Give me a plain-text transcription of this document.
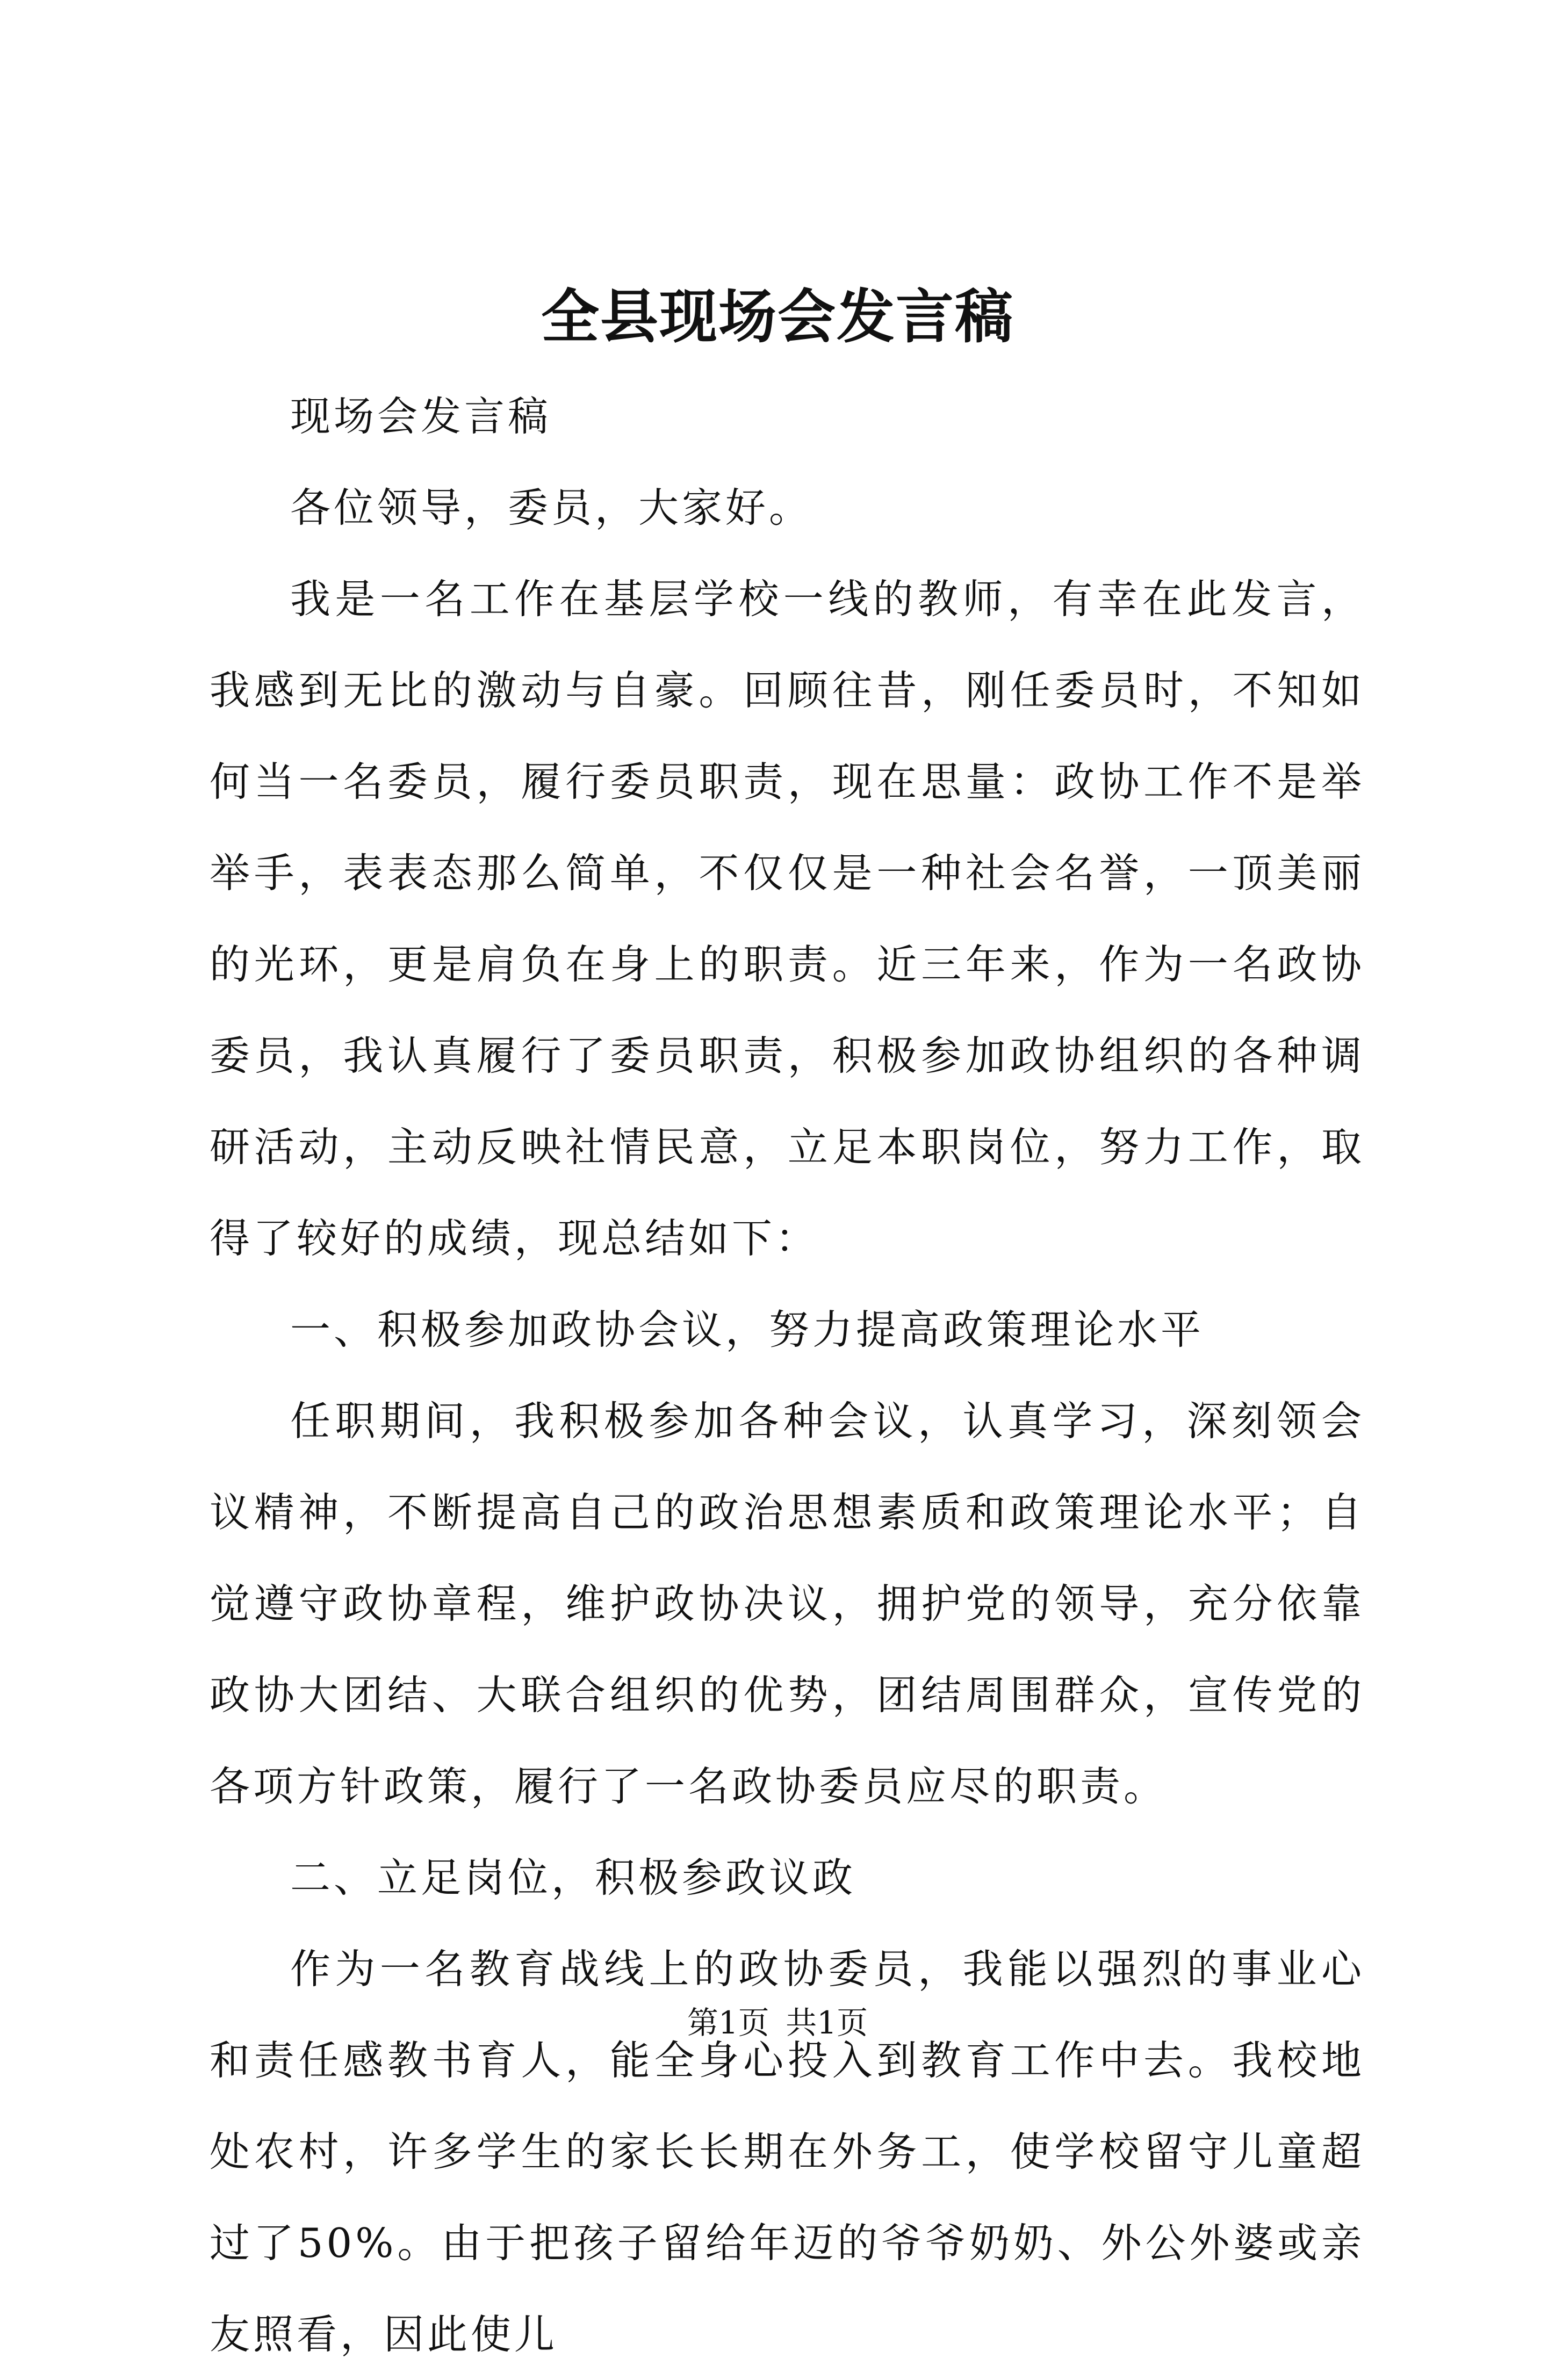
全县现场会发言稿

现场会发言稿

各位领导，委员，大家好。

我是一名工作在基层学校一线的教师，有幸在此发言，我感到无比的激动与自豪。回顾往昔，刚任委员时，不知如何当一名委员，履行委员职责，现在思量：政协工作不是举举手，表表态那么简单，不仅仅是一种社会名誉，一顶美丽的光环，更是肩负在身上的职责。近三年来，作为一名政协委员，我认真履行了委员职责，积极参加政协组织的各种调研活动，主动反映社情民意，立足本职岗位，努力工作，取得了较好的成绩，现总结如下：

一、积极参加政协会议，努力提高政策理论水平

任职期间，我积极参加各种会议，认真学习，深刻领会议精神，不断提高自己的政治思想素质和政策理论水平；自觉遵守政协章程，维护政协决议，拥护党的领导，充分依靠政协大团结、大联合组织的优势，团结周围群众，宣传党的各项方针政策，履行了一名政协委员应尽的职责。

二、立足岗位，积极参政议政

作为一名教育战线上的政协委员，我能以强烈的事业心和责任感教书育人，能全身心投入到教育工作中去。我校地处农村，许多学生的家长长期在外务工，使学校留守儿童超过了50%。由于把孩子留给年迈的爷爷奶奶、外公外婆或亲友照看，因此使儿

第1页 共1页
